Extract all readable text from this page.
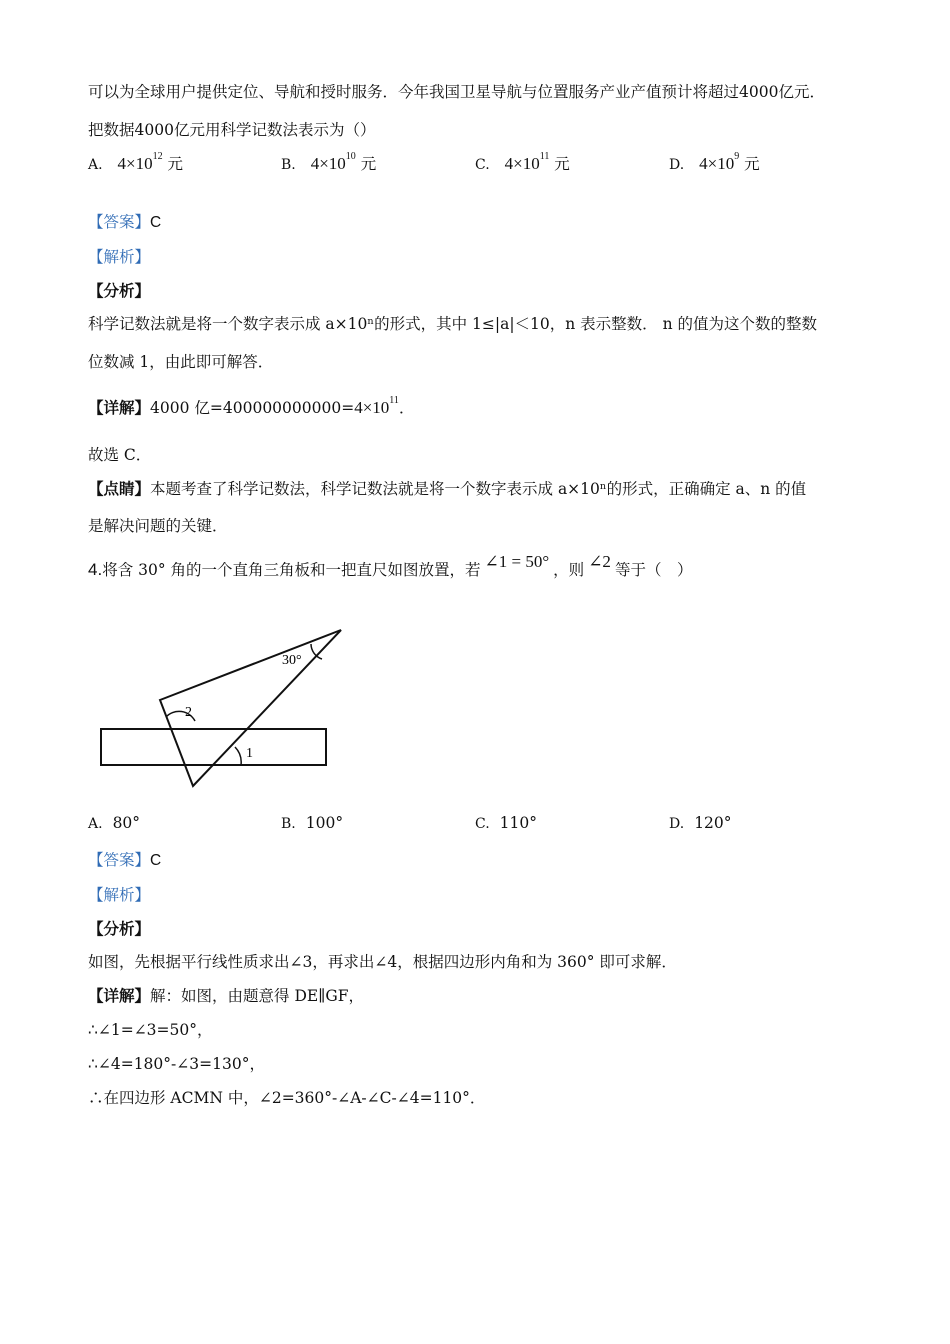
可以为全球用户提供定位、导航和授时服务．今年我国卫星导航与位置服务产业产值预计将超过4000亿元．
把数据4000亿元用科学记数法表示为（）
A. $4\times 10^{12}$ 元	B. $4\times 10^{10}$ 元	C. $4\times 10^{11}$ 元	D. $4\times 10^9$ 元
【答案】C
【解析】
【分析】
科学记数法就是将一个数字表示成 a×10ⁿ的形式，其中 1≤|a|＜10，n 表示整数． n 的值为这个数的整数
位数减 1，由此即可解答．
【详解】4000 亿$=400000000000=4\times 10^{11}$．
故选 C．
【点睛】本题考查了科学记数法，科学记数法就是将一个数字表示成 a×10ⁿ的形式，正确确定 a、n 的值
是解决问题的关键．
4.将含 30° 角的一个直角三角板和一把直尺如图放置，若 ∠1 = 50° ，则 ∠2 等于（　）
30°
2
1
A. 80°	B. 100°	C. 110°	D. 120°
【答案】C
【解析】
【分析】
如图，先根据平行线性质求出∠3，再求出∠4，根据四边形内角和为 360° 即可求解．
【详解】解：如图，由题意得 DE∥GF，
∴∠1=∠3=50°，
∴∠4=180°-∠3=130°，
∴在四边形 ACMN 中，∠2=360°-∠A-∠C-∠4=110°．
